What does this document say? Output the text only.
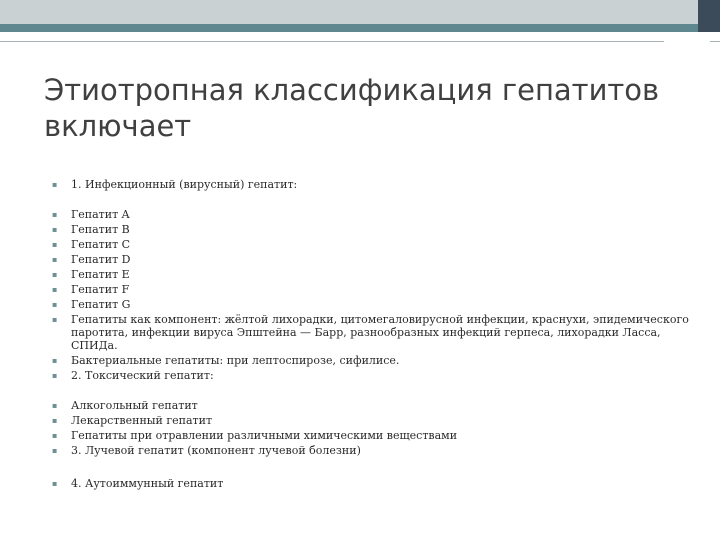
Этиотропная классификация гепатитов включает
▪	1. Инфекционный (вирусный) гепатит:
▪	Гепатит A
▪	Гепатит B
▪	Гепатит C
▪	Гепатит D
▪	Гепатит E
▪	Гепатит F
▪	Гепатит G
▪	Гепатиты как компонент: жёлтой лихорадки, цитомегаловирусной инфекции, краснухи, эпидемического паротита, инфекции вируса Эпштейна — Барр, разнообразных инфекций герпеса, лихорадки Ласса, СПИДа.
▪	Бактериальные гепатиты: при лептоспирозе, сифилисе.
▪	2. Токсический гепатит:
▪	Алкогольный гепатит
▪	Лекарственный гепатит
▪	Гепатиты при отравлении различными химическими веществами
▪	3. Лучевой гепатит (компонент лучевой болезни)
▪	4. Аутоиммунный гепатит
